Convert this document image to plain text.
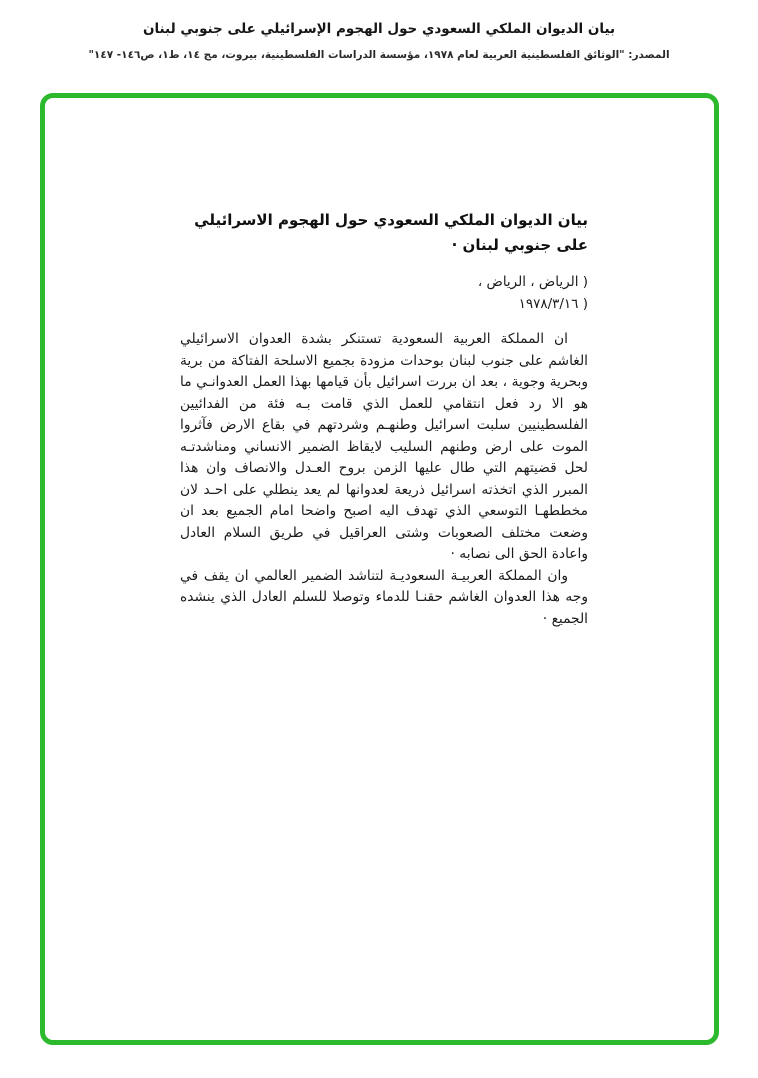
بيان الديوان الملكي السعودي حول الهجوم الإسرائيلي على جنوبي لبنان
المصدر: "الوثائق الفلسطينية العربية لعام ١٩٧٨، مؤسسة الدراسات الفلسطينية، بيروت، مج ١٤، ط١، ص١٤٦- ١٤٧"
بيان الديوان الملكي السعودي حول الهجوم الاسرائيلي
على جنوبي لبنان ·
( الرياض ، الرياض ،
١٩٧٨/٣/١٦ )

ان المملكة العربية السعودية تستنكر بشدة العدوان الاسرائيلي الغاشم على جنوب لبنان بوحدات مزودة بجميع الاسلحة الفتاكة من برية وبحرية وجوية ، بعد ان بررت اسرائيل بأن قيامها بهذا العمل العدوانـي ما هو الا رد فعل انتقامي للعمل الذي قامت بـه فئة من الفدائيين الفلسطينيين سلبت اسرائيل وطنهـم وشردتهم في بقاع الارض فآثروا الموت على ارض وطنهم السليب لايقاظ الضمير الانساني ومناشدتـه لحل قضيتهم التي طال عليها الزمن بروح العـدل والانصاف وان هذا المبرر الذي اتخذته اسرائيل ذريعة لعدوانها لم يعد ينطلي على احـد لان مخططهـا التوسعي الذي تهدف اليه اصبح واضحا امام الجميع بعد ان وضعت مختلف الصعوبات وشتى العراقيل في طريق السلام العادل واعادة الحق الى نصابه ·

وان المملكة العربيـة السعوديـة لتناشد الضمير العالمي ان يقف في وجه هذا العدوان الغاشم حقنـا للدماء وتوصلا للسلم العادل الذي ينشده الجميع ·
